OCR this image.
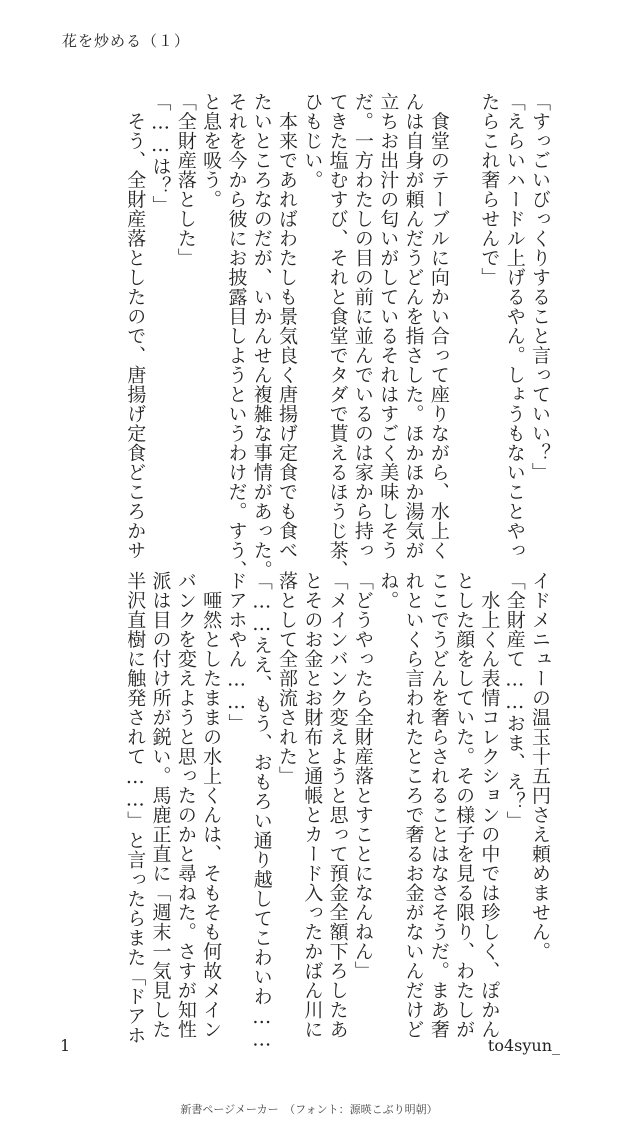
花を炒める（１）
「すっごいびっくりすること言っていい？」
「えらいハードル上げるやん。しょうもないことやっ
たらこれ奢らせんで」

　食堂のテーブルに向かい合って座りながら、水上く
んは自身が頼んだうどんを指さした。ほかほか湯気が
立ちお出汁の匂いがしているそれはすごく美味しそう
だ。一方わたしの目の前に並んでいるのは家から持っ
てきた塩むすび、それと食堂でタダで貰えるほうじ茶、
ひもじい。
　本来であればわたしも景気良く唐揚げ定食でも食べ
たいところなのだが、いかんせん複雑な事情があった。
それを今から彼にお披露目しようというわけだ。すう、
と息を吸う。
「全財産落とした」
「……は？」
　そう、全財産落としたので、唐揚げ定食どころかサ
イドメニューの温玉十五円さえ頼めません。
「全財産て……おま、え？」
　水上くん表情コレクションの中では珍しく、ぽかん
とした顔をしていた。その様子を見る限り、わたしが
ここでうどんを奢らされることはなさそうだ。まあ奢
れといくら言われたところで奢るお金がないんだけど
ね。
「どうやったら全財産落とすことになんねん」
「メインバンク変えようと思って預金全額下ろしたあ
とそのお金とお財布と通帳とカード入ったかばん川に
落として全部流された」
「……ええ、もう、おもろい通り越してこわいわ……
ドアホやん……」
　唖然としたままの水上くんは、そもそも何故メイン
バンクを変えようと思ったのかと尋ねた。さすが知性
派は目の付け所が鋭い。馬鹿正直に「週末一気見した
半沢直樹に触発されて……」と言ったらまた「ドアホ
1	to4syun_
新書ページメーカー　（フォント：源暎こぶり明朝）
